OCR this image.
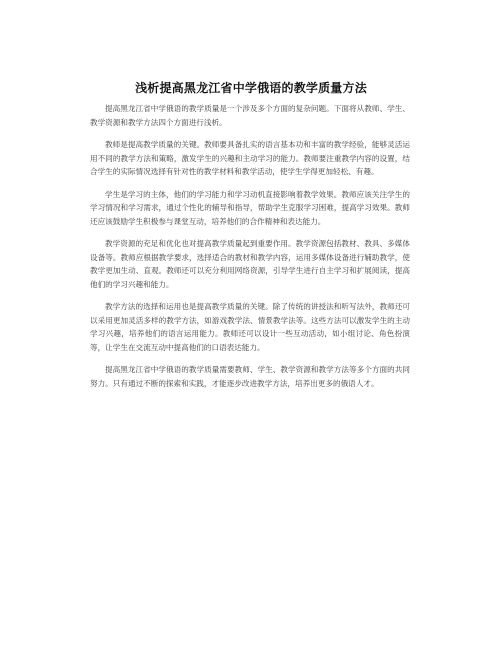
浅析提高黑龙江省中学俄语的教学质量方法

提高黑龙江省中学俄语的教学质量是一个涉及多个方面的复杂问题。下面将从教师、学生、教学资源和教学方法四个方面进行浅析。

教师是提高教学质量的关键。教师要具备扎实的语言基本功和丰富的教学经验，能够灵活运用不同的教学方法和策略，激发学生的兴趣和主动学习的能力。教师要注重教学内容的设置，结合学生的实际情况选择有针对性的教学材料和教学活动，使学生学得更加轻松、有趣。

学生是学习的主体，他们的学习能力和学习动机直接影响着教学效果。教师应该关注学生的学习情况和学习需求，通过个性化的辅导和指导，帮助学生克服学习困难，提高学习效果。教师还应该鼓励学生积极参与课堂互动，培养他们的合作精神和表达能力。

教学资源的充足和优化也对提高教学质量起到重要作用。教学资源包括教材、教具、多媒体设备等。教师应根据教学要求，选择适合的教材和教学内容，运用多媒体设备进行辅助教学，使教学更加生动、直观。教师还可以充分利用网络资源，引导学生进行自主学习和扩展阅读，提高他们的学习兴趣和能力。

教学方法的选择和运用也是提高教学质量的关键。除了传统的讲授法和听写法外，教师还可以采用更加灵活多样的教学方法，如游戏教学法、情景教学法等。这些方法可以激发学生的主动学习兴趣，培养他们的语言运用能力。教师还可以设计一些互动活动，如小组讨论、角色扮演等，让学生在交流互动中提高他们的口语表达能力。

提高黑龙江省中学俄语的教学质量需要教师、学生、教学资源和教学方法等多个方面的共同努力。只有通过不断的探索和实践，才能逐步改进教学方法，培养出更多的俄语人才。
